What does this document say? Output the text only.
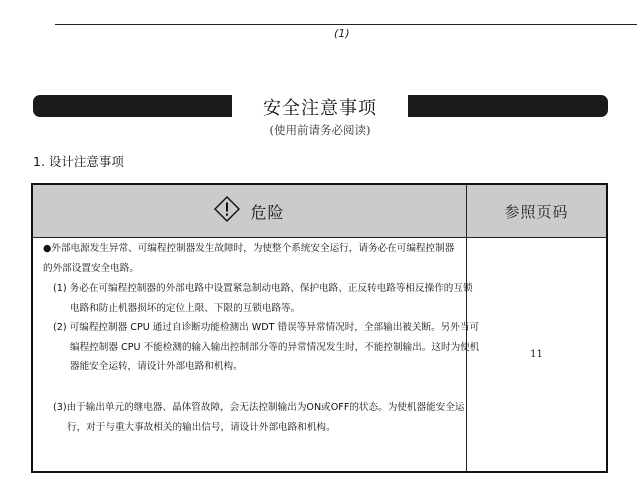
(1)
安全注意事项
(使用前请务必阅读)
1. 设计注意事项
危险	参照页码
●外部电源发生异常、可编程控制器发生故障时，为使整个系统安全运行，请务必在可编程控制器的外部设置安全电路。
(1) 务必在可编程控制器的外部电路中设置紧急制动电路、保护电路、正反转电路等相反操作的互锁电路和防止机器损坏的定位上限、下限的互锁电路等。
(2) 可编程控制器 CPU 通过自诊断功能检测出 WDT 错误等异常情况时，全部输出被关断。另外当可编程控制器 CPU 不能检测的输入输出控制部分等的异常情况发生时，不能控制输出。这时为使机器能安全运转，请设计外部电路和机构。
(3)由于输出单元的继电器、晶体管故障，会无法控制输出为ON或OFF的状态。为使机器能安全运行，对于与重大事故相关的输出信号，请设计外部电路和机构。
11
